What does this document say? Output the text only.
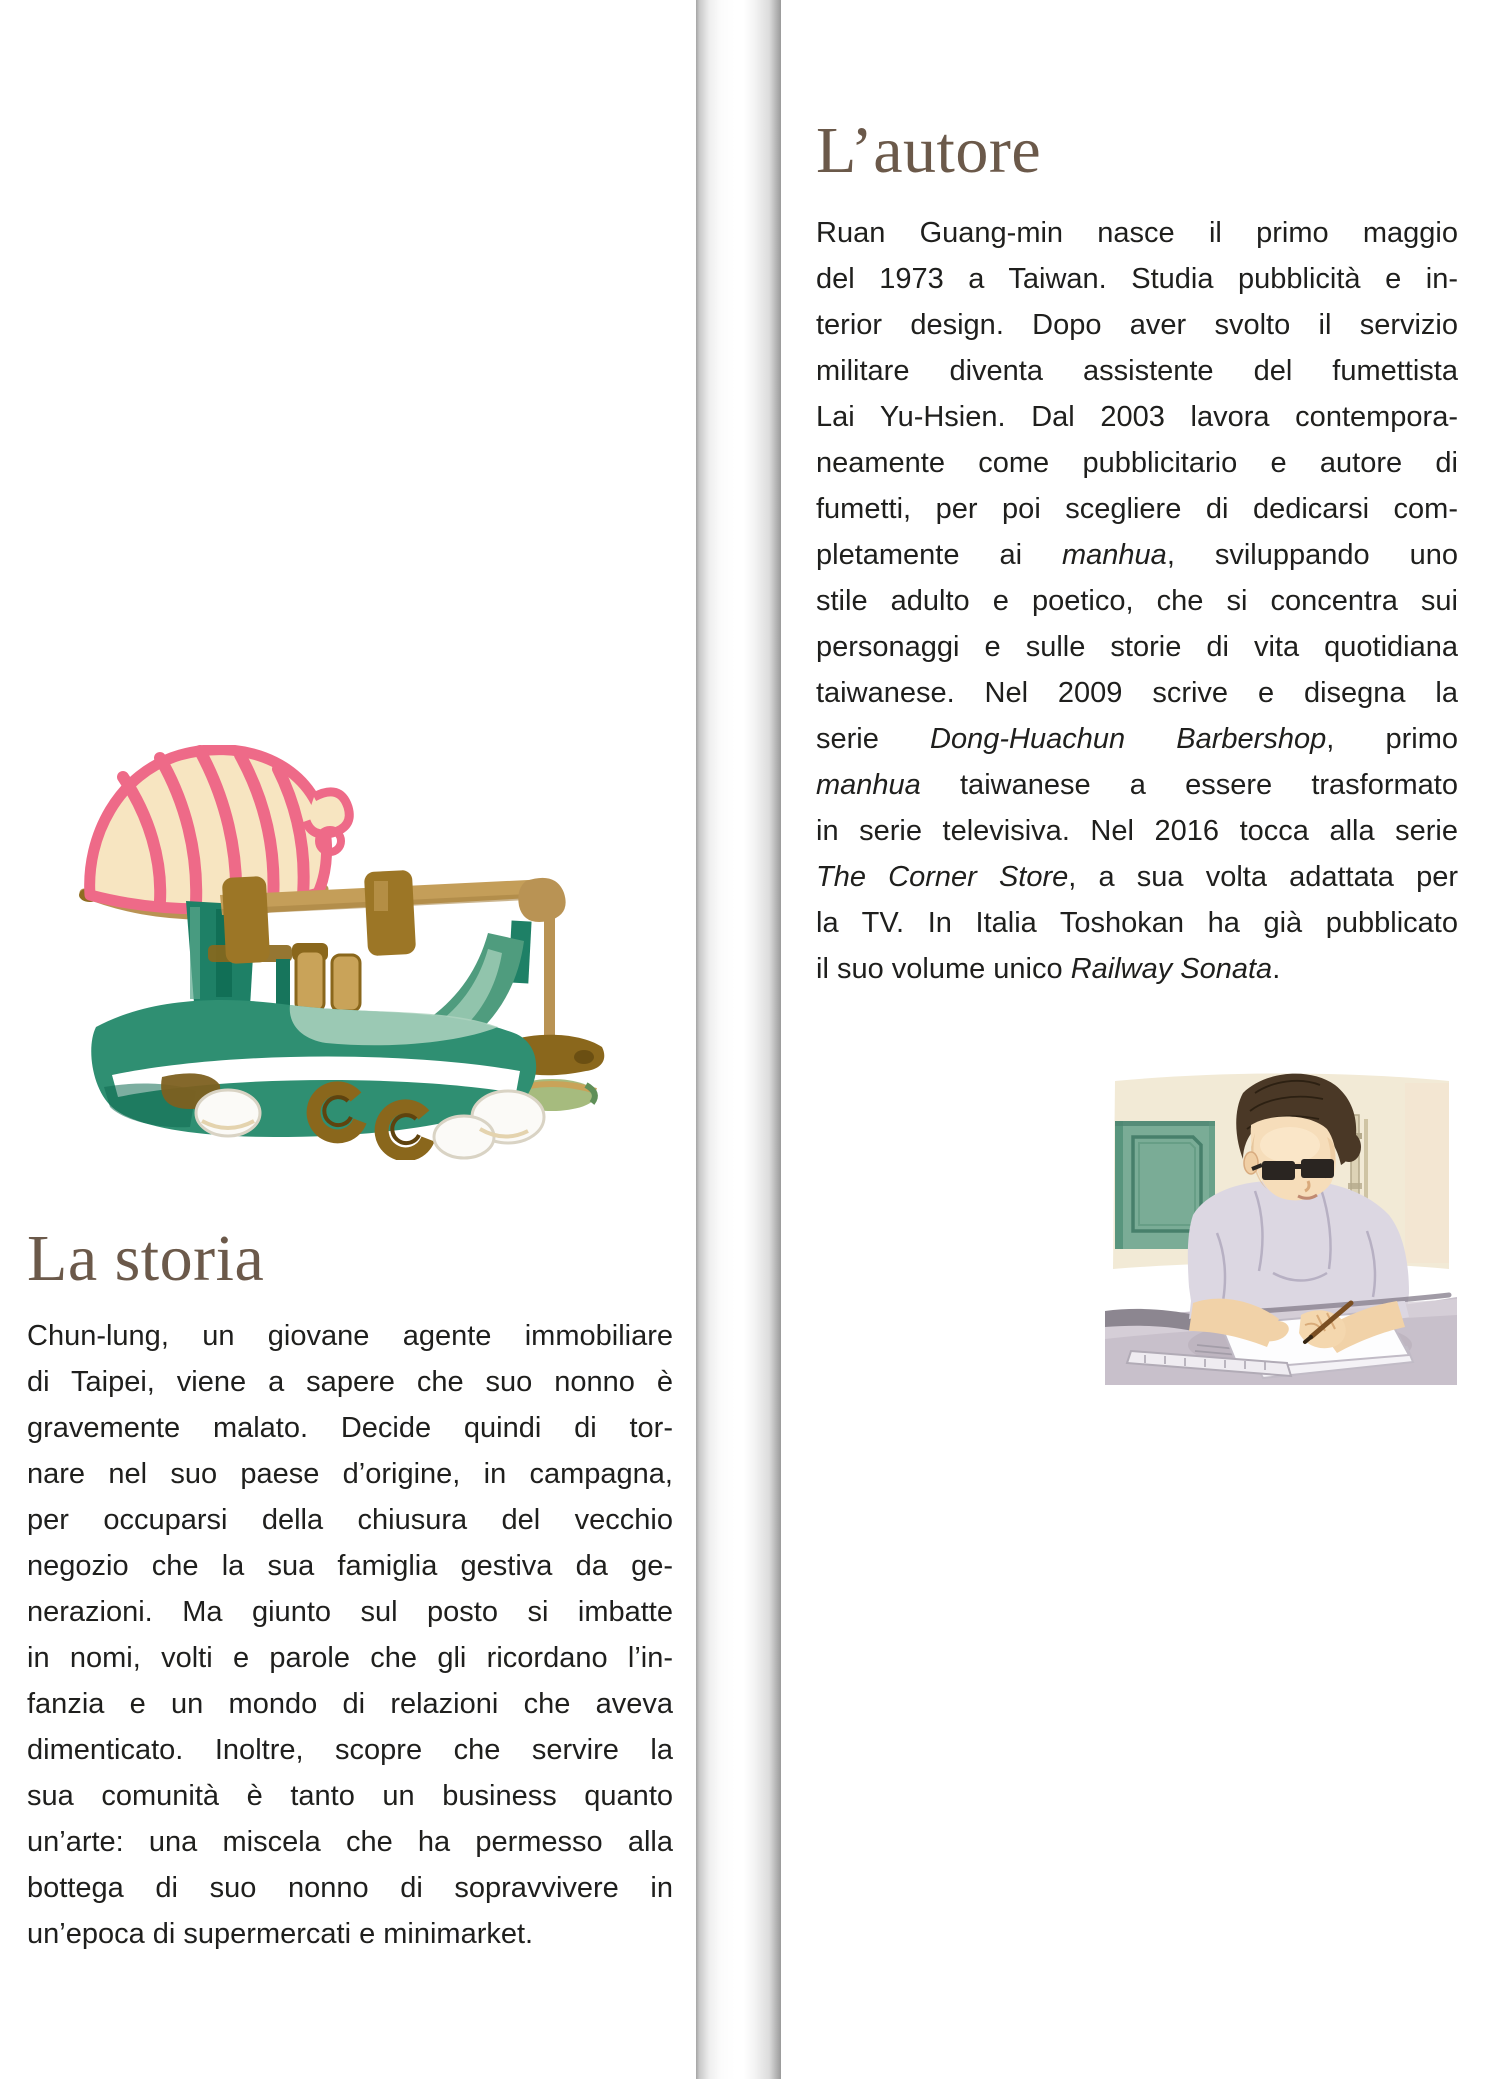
La storia
Chun-lung, un giovane agente immobiliare
di Taipei, viene a sapere che suo nonno è
gravemente malato. Decide quindi di tor-
nare nel suo paese d’origine, in campagna,
per occuparsi della chiusura del vecchio
negozio che la sua famiglia gestiva da ge-
nerazioni. Ma giunto sul posto si imbatte
in nomi, volti e parole che gli ricordano l’in-
fanzia e un mondo di relazioni che aveva
dimenticato. Inoltre, scopre che servire la
sua comunità è tanto un business quanto
un’arte: una miscela che ha permesso alla
bottega di suo nonno di sopravvivere in
un’epoca di supermercati e minimarket.
L’autore
Ruan Guang-min nasce il primo maggio
del 1973 a Taiwan. Studia pubblicità e in-
terior design. Dopo aver svolto il servizio
militare diventa assistente del fumettista
Lai Yu-Hsien. Dal 2003 lavora contempora-
neamente come pubblicitario e autore di
fumetti, per poi scegliere di dedicarsi com-
pletamente ai manhua, sviluppando uno
stile adulto e poetico, che si concentra sui
personaggi e sulle storie di vita quotidiana
taiwanese. Nel 2009 scrive e disegna la
serie Dong-Huachun Barbershop, primo
manhua taiwanese a essere trasformato
in serie televisiva. Nel 2016 tocca alla serie
The Corner Store, a sua volta adattata per
la TV. In Italia Toshokan ha già pubblicato
il suo volume unico Railway Sonata.
